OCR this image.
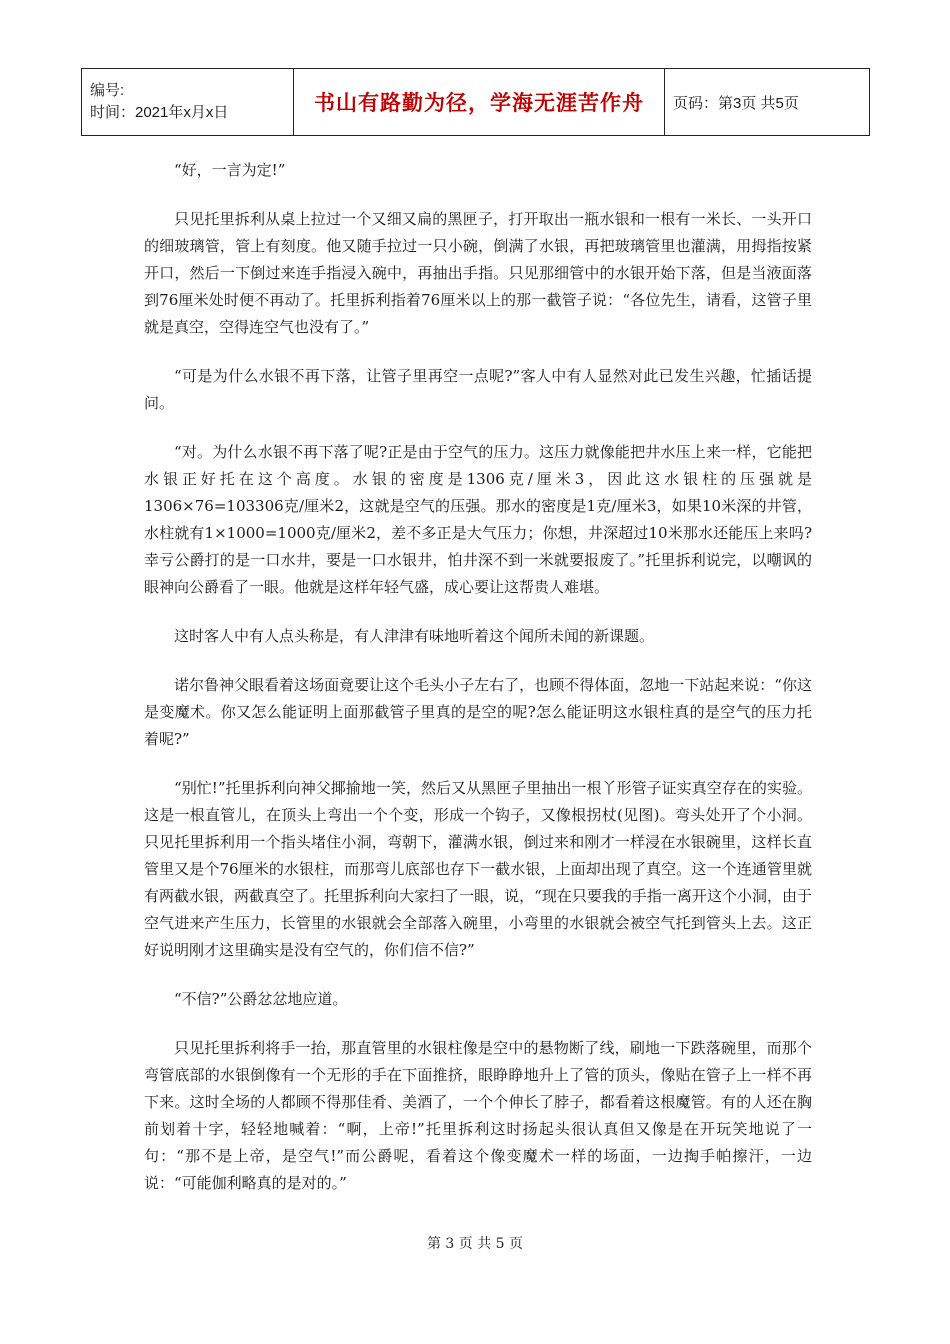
编号:
时间：2021年x月x日	书山有路勤为径，学海无涯苦作舟	页码：第3页 共5页

“好，一言为定!”

只见托里拆利从桌上拉过一个又细又扁的黑匣子，打开取出一瓶水银和一根有一米长、一头开口的细玻璃管，管上有刻度。他又随手拉过一只小碗，倒满了水银，再把玻璃管里也灌满，用拇指按紧开口，然后一下倒过来连手指浸入碗中，再抽出手指。只见那细管中的水银开始下落，但是当液面落到76厘米处时便不再动了。托里拆利指着76厘米以上的那一截管子说：“各位先生，请看，这管子里就是真空，空得连空气也没有了。”

“可是为什么水银不再下落，让管子里再空一点呢?”客人中有人显然对此已发生兴趣，忙插话提问。

“对。为什么水银不再下落了呢?正是由于空气的压力。这压力就像能把井水压上来一样，它能把水银正好托在这个高度。水银的密度是1306克/厘米3，因此这水银柱的压强就是1306×76=103306克/厘米2，这就是空气的压强。那水的密度是1克/厘米3，如果10米深的井管，水柱就有1×1000=1000克/厘米2，差不多正是大气压力；你想，井深超过10米那水还能压上来吗?幸亏公爵打的是一口水井，要是一口水银井，怕井深不到一米就要报废了。”托里拆利说完，以嘲讽的眼神向公爵看了一眼。他就是这样年轻气盛，成心要让这帮贵人难堪。

这时客人中有人点头称是，有人津津有味地听着这个闻所未闻的新课题。

诺尔鲁神父眼看着这场面竟要让这个毛头小子左右了，也顾不得体面，忽地一下站起来说：“你这是变魔术。你又怎么能证明上面那截管子里真的是空的呢?怎么能证明这水银柱真的是空气的压力托着呢?”

“别忙!”托里拆利向神父揶揄地一笑，然后又从黑匣子里抽出一根丫形管子证实真空存在的实验。这是一根直管儿，在顶头上弯出一个个变，形成一个钩子，又像根拐杖(见图)。弯头处开了个小洞。只见托里拆利用一个指头堵住小洞，弯朝下，灌满水银，倒过来和刚才一样浸在水银碗里，这样长直管里又是个76厘米的水银柱，而那弯儿底部也存下一截水银，上面却出现了真空。这一个连通管里就有两截水银，两截真空了。托里拆利向大家扫了一眼，说，“现在只要我的手指一离开这个小洞，由于空气进来产生压力，长管里的水银就会全部落入碗里，小弯里的水银就会被空气托到管头上去。这正好说明刚才这里确实是没有空气的，你们信不信?”

“不信?”公爵忿忿地应道。

只见托里拆利将手一抬，那直管里的水银柱像是空中的悬物断了线，刷地一下跌落碗里，而那个弯管底部的水银倒像有一个无形的手在下面推挤，眼睁睁地升上了管的顶头，像贴在管子上一样不再下来。这时全场的人都顾不得那佳肴、美酒了，一个个伸长了脖子，都看着这根魔管。有的人还在胸前划着十字，轻轻地喊着：“啊，上帝!”托里拆利这时扬起头很认真但又像是在开玩笑地说了一句：“那不是上帝，是空气!”而公爵呢，看着这个像变魔术一样的场面，一边掏手帕擦汗，一边说：“可能伽利略真的是对的。”

第 3 页 共 5 页
